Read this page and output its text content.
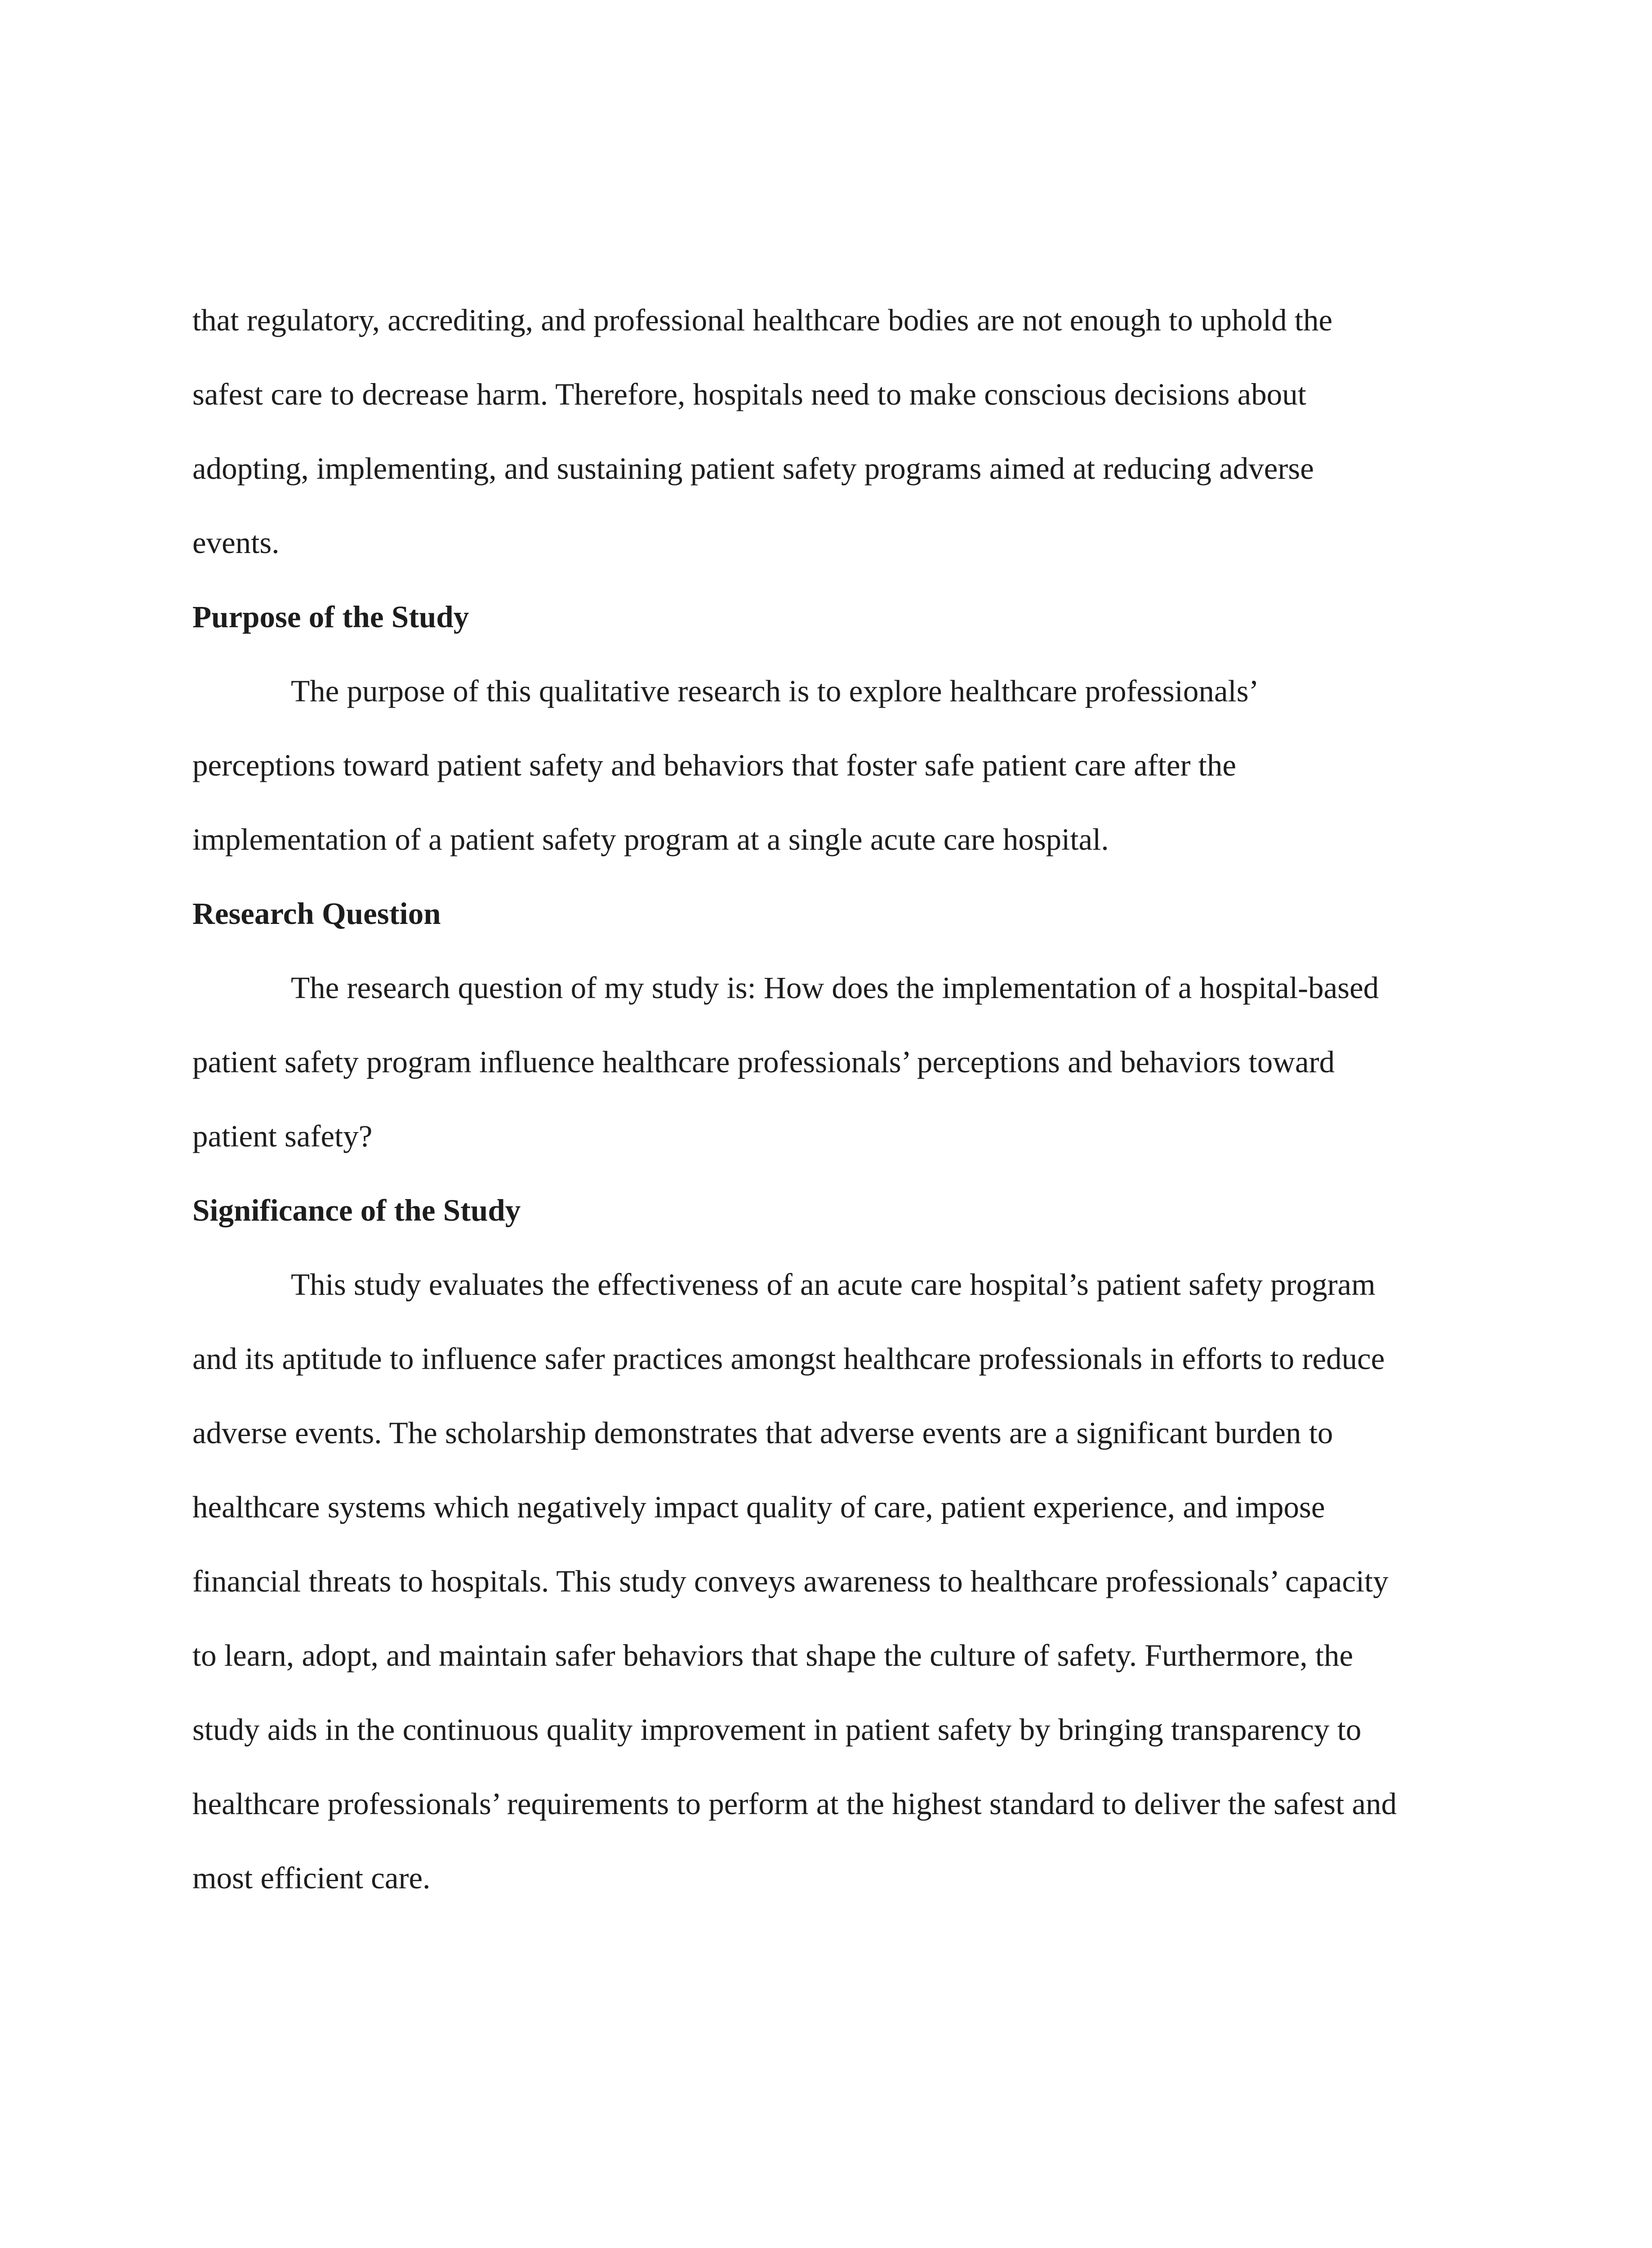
that regulatory, accrediting, and professional healthcare bodies are not enough to uphold the
safest care to decrease harm. Therefore, hospitals need to make conscious decisions about
adopting, implementing, and sustaining patient safety programs aimed at reducing adverse
events.
Purpose of the Study
The purpose of this qualitative research is to explore healthcare professionals’
perceptions toward patient safety and behaviors that foster safe patient care after the
implementation of a patient safety program at a single acute care hospital.
Research Question
The research question of my study is: How does the implementation of a hospital-based
patient safety program influence healthcare professionals’ perceptions and behaviors toward
patient safety?
Significance of the Study
This study evaluates the effectiveness of an acute care hospital’s patient safety program
and its aptitude to influence safer practices amongst healthcare professionals in efforts to reduce
adverse events. The scholarship demonstrates that adverse events are a significant burden to
healthcare systems which negatively impact quality of care, patient experience, and impose
financial threats to hospitals. This study conveys awareness to healthcare professionals’ capacity
to learn, adopt, and maintain safer behaviors that shape the culture of safety. Furthermore, the
study aids in the continuous quality improvement in patient safety by bringing transparency to
healthcare professionals’ requirements to perform at the highest standard to deliver the safest and
most efficient care.
